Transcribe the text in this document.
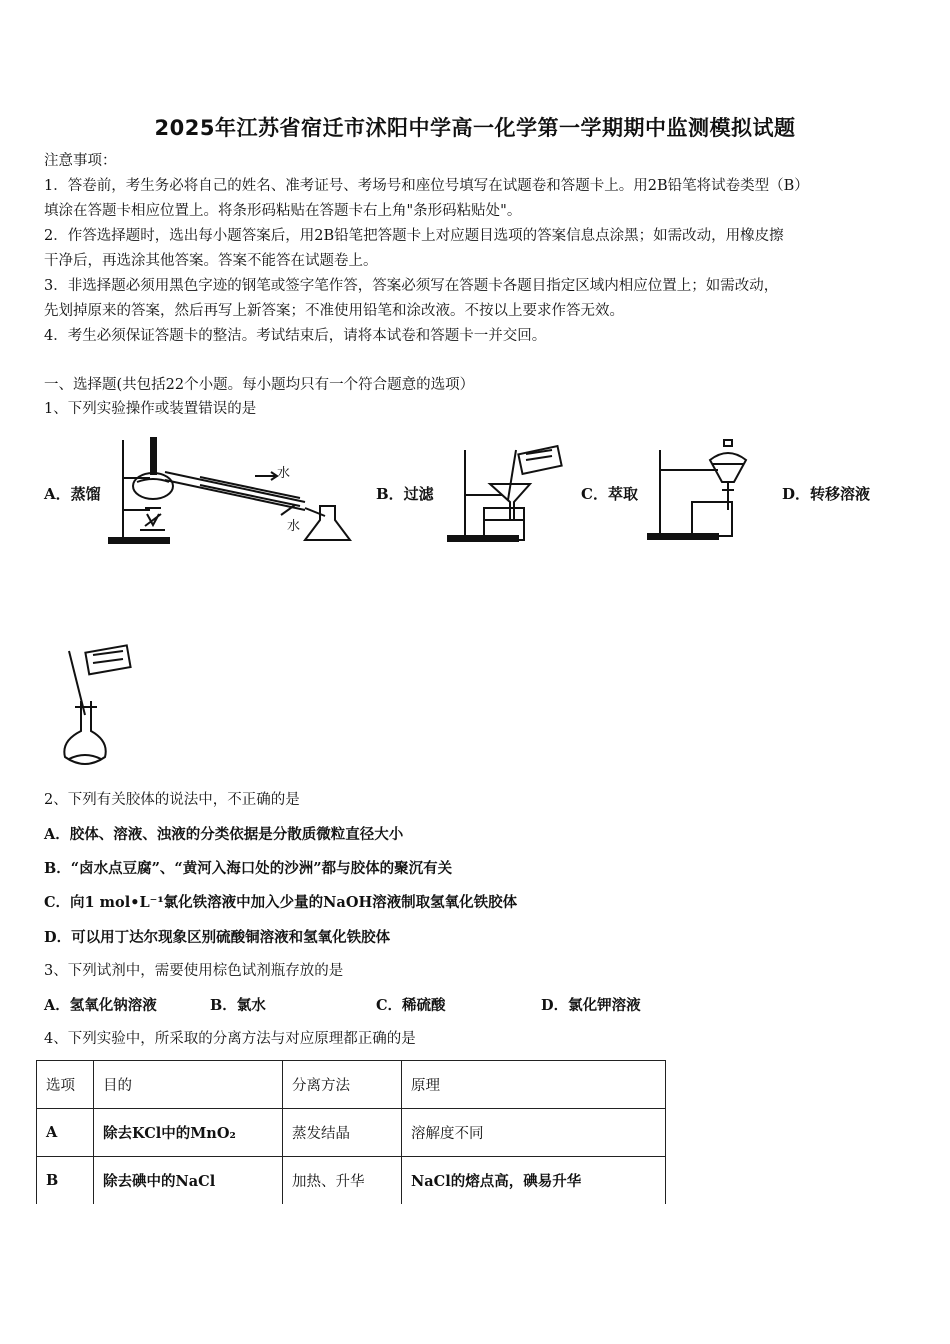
2025年江苏省宿迁市沭阳中学高一化学第一学期期中监测模拟试题
注意事项：
1．答卷前，考生务必将自己的姓名、准考证号、考场号和座位号填写在试题卷和答题卡上。用2B铅笔将试卷类型（B）
填涂在答题卡相应位置上。将条形码粘贴在答题卡右上角"条形码粘贴处"。
2．作答选择题时，选出每小题答案后，用2B铅笔把答题卡上对应题目选项的答案信息点涂黑；如需改动，用橡皮擦
干净后，再选涂其他答案。答案不能答在试题卷上。
3．非选择题必须用黑色字迹的钢笔或签字笔作答，答案必须写在答题卡各题目指定区域内相应位置上；如需改动，
先划掉原来的答案，然后再写上新答案；不准使用铅笔和涂改液。不按以上要求作答无效。
4．考生必须保证答题卡的整洁。考试结束后，请将本试卷和答题卡一并交回。
一、选择题(共包括22个小题。每小题均只有一个符合题意的选项）
1、下列实验操作或装置错误的是
A．蒸馏	B．过滤	C．萃取	D．转移溶液
水
水
2、下列有关胶体的说法中，不正确的是
A．胶体、溶液、浊液的分类依据是分散质微粒直径大小
B．“卤水点豆腐”、“黄河入海口处的沙洲”都与胶体的聚沉有关
C．向1 mol•L⁻¹氯化铁溶液中加入少量的NaOH溶液制取氢氧化铁胶体
D．可以用丁达尔现象区别硫酸铜溶液和氢氧化铁胶体
3、下列试剂中，需要使用棕色试剂瓶存放的是
A．氢氧化钠溶液	B．氯水	C．稀硫酸	D．氯化钾溶液
4、下列实验中，所采取的分离方法与对应原理都正确的是
选项	目的	分离方法	原理
A	除去KCl中的MnO₂	蒸发结晶	溶解度不同
B	除去碘中的NaCl	加热、升华	NaCl的熔点高，碘易升华
